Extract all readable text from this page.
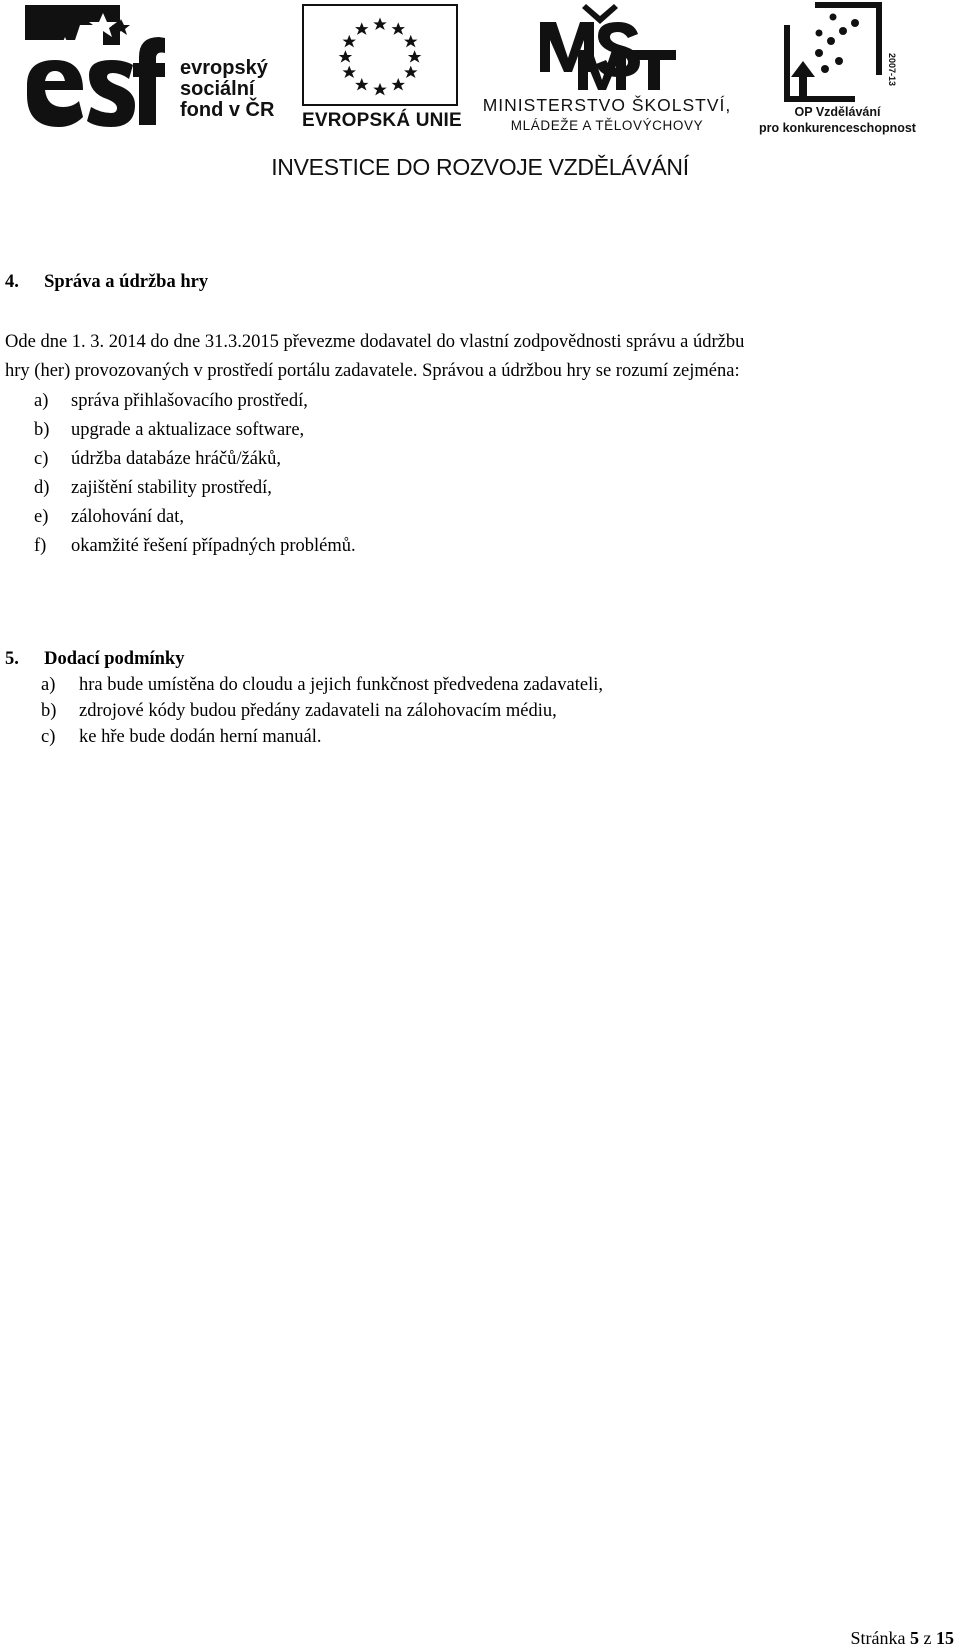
evropský
sociální
fond v ČR EVROPSKÁ UNIE
MINISTERSTVO ŠKOLSTVÍ,
MLÁDEŽE A TĚLOVÝCHOVY
2007-13
OP Vzdělávání
pro konkurenceschopnost
INVESTICE DO ROZVOJE VZDĚLÁVÁNÍ
4. Správa a údržba hry
Ode dne 1. 3. 2014 do dne 31.3.2015 převezme dodavatel do vlastní zodpovědnosti správu a údržbu
hry (her) provozovaných v prostředí portálu zadavatele. Správou a údržbou hry se rozumí zejména:
a) správa přihlašovacího prostředí,
b) upgrade a aktualizace software,
c) údržba databáze hráčů/žáků,
d) zajištění stability prostředí,
e) zálohování dat,
f) okamžité řešení případných problémů.
5. Dodací podmínky
a) hra bude umístěna do cloudu a jejich funkčnost předvedena zadavateli,
b) zdrojové kódy budou předány zadavateli na zálohovacím médiu,
c) ke hře bude dodán herní manuál.
Stránka 5 z 15
